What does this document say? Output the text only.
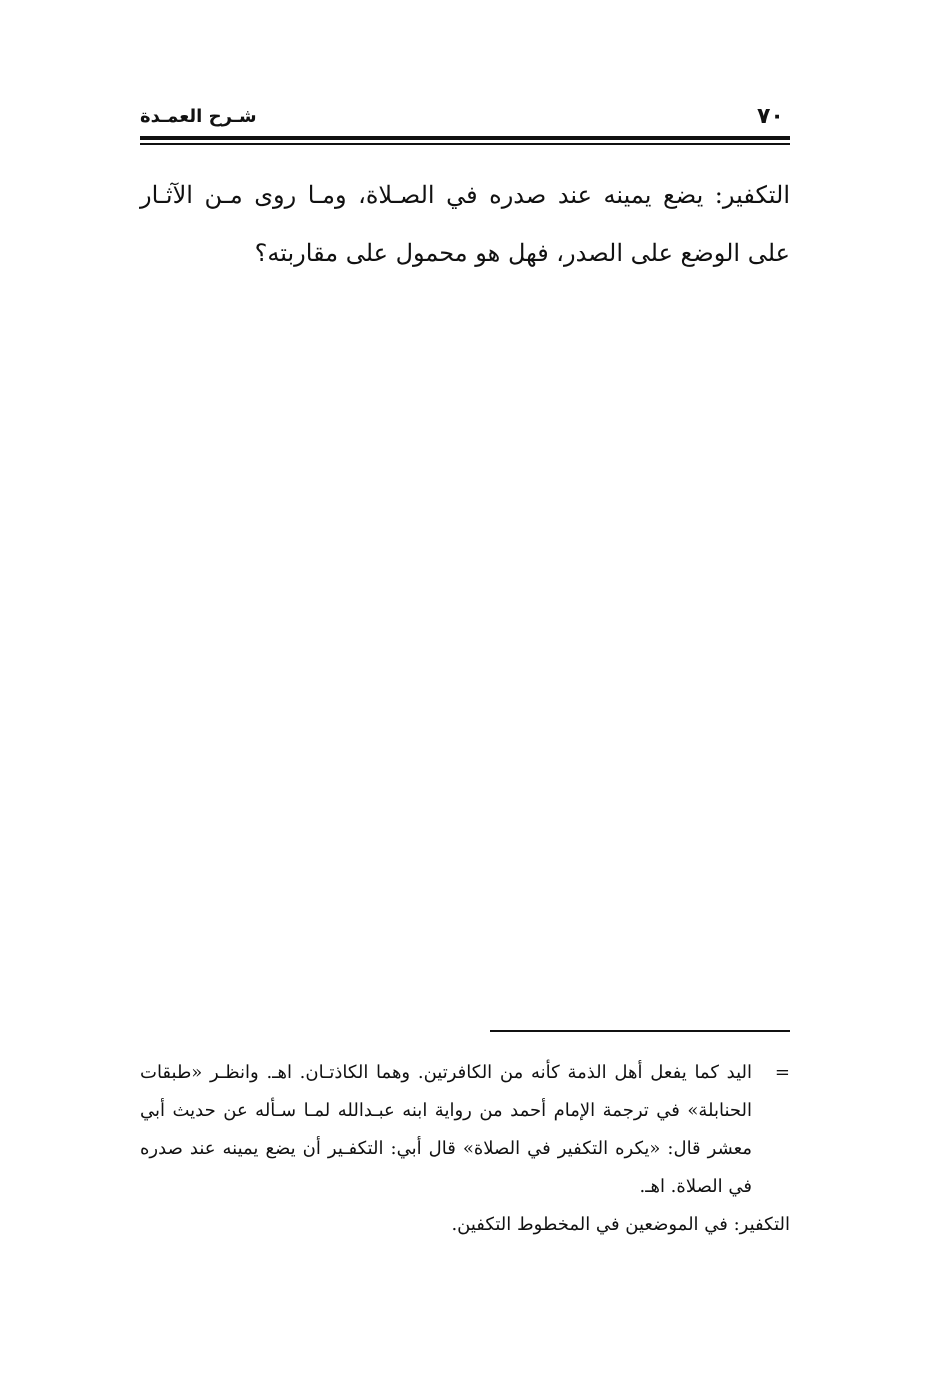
٧٠
شـرح العمـدة

التكفير: يضع يمينه عند صدره في الصـلاة، ومـا روى مـن الآثـار على الوضع على الصدر، فهل هو محمول على مقاربته؟

=
اليد كما يفعل أهل الذمة كأنه من الكافرتين. وهما الكاذتـان. اهـ. وانظـر «طبقات الحنابلة» في ترجمة الإمام أحمد من رواية ابنه عبـدالله لمـا سـأله عن حديث أبي معشر قال: «يكره التكفير في الصلاة» قال أبي: التكفـير أن يضع يمينه عند صدره في الصلاة. اهـ.

التكفير: في الموضعين في المخطوط التكفين.
